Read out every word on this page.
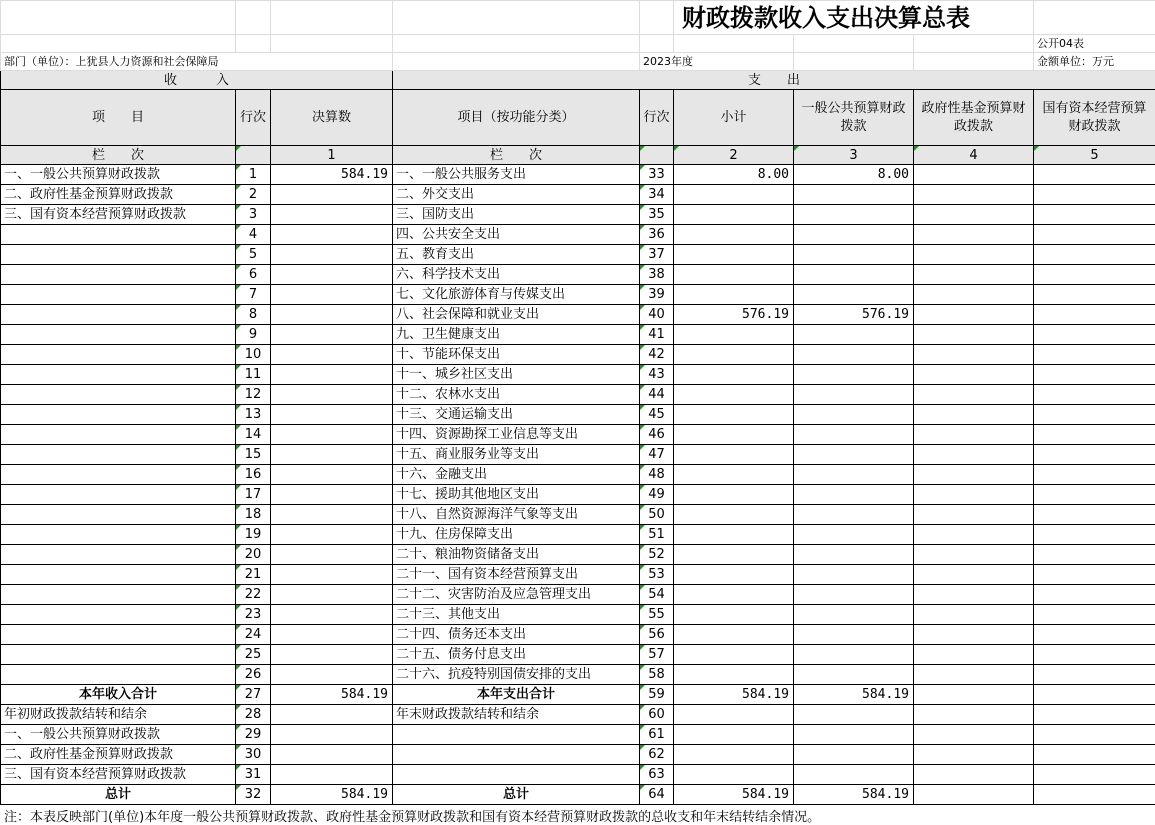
					财政拨款收入支出决算总表			
								公开04表
部门（单位）：上犹县人力资源和社会保障局				2023年度				金额单位：万元
收　　　入			支　　出					
项　　目	行次	决算数	项目（按功能分类）	行次	小计	一般公共预算财政拨款	政府性基金预算财政拨款	国有资本经营预算财政拨款
栏　　次		1	栏　　次		2	3	4	5
一、一般公共预算财政拨款	1	584.19	一、一般公共服务支出	33	8.00	8.00		
二、政府性基金预算财政拨款	2		二、外交支出	34				
三、国有资本经营预算财政拨款	3		三、国防支出	35				
	4		四、公共安全支出	36				
	5		五、教育支出	37				
	6		六、科学技术支出	38				
	7		七、文化旅游体育与传媒支出	39				
	8		八、社会保障和就业支出	40	576.19	576.19		
	9		九、卫生健康支出	41				
	10		十、节能环保支出	42				
	11		十一、城乡社区支出	43				
	12		十二、农林水支出	44				
	13		十三、交通运输支出	45				
	14		十四、资源勘探工业信息等支出	46				
	15		十五、商业服务业等支出	47				
	16		十六、金融支出	48				
	17		十七、援助其他地区支出	49				
	18		十八、自然资源海洋气象等支出	50				
	19		十九、住房保障支出	51				
	20		二十、粮油物资储备支出	52				
	21		二十一、国有资本经营预算支出	53				
	22		二十二、灾害防治及应急管理支出	54				
	23		二十三、其他支出	55				
	24		二十四、债务还本支出	56				
	25		二十五、债务付息支出	57				
	26		二十六、抗疫特别国债安排的支出	58				
本年收入合计	27	584.19	本年支出合计	59	584.19	584.19		
年初财政拨款结转和结余	28		年末财政拨款结转和结余	60				
一、一般公共预算财政拨款	29			61				
二、政府性基金预算财政拨款	30			62				
三、国有资本经营预算财政拨款	31			63				
总计	32	584.19	总计	64	584.19	584.19		
注：本表反映部门(单位)本年度一般公共预算财政拨款、政府性基金预算财政拨款和国有资本经营预算财政拨款的总收支和年末结转结余情况。
